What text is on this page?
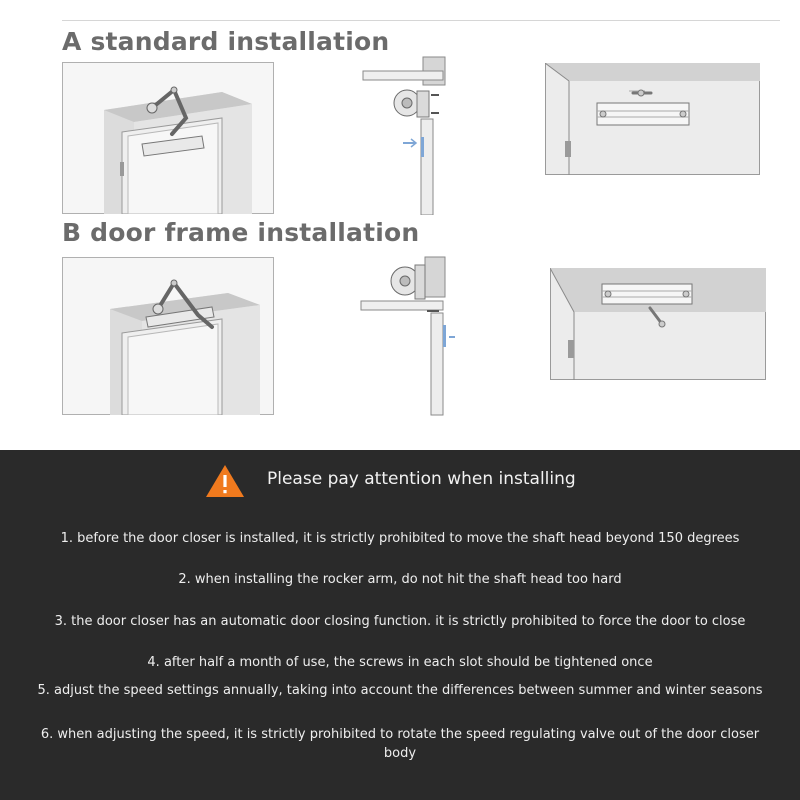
A standard installation
B door frame installation
Please pay attention when installing
1. before the door closer is installed, it is strictly prohibited to move the shaft head beyond 150 degrees
2. when installing the rocker arm, do not hit the shaft head too hard
3. the door closer has an automatic door closing function. it is strictly prohibited to force the door to close
4. after half a month of use, the screws in each slot should be tightened once
5. adjust the speed settings annually, taking into account the differences between summer and winter seasons
6. when adjusting the speed, it is strictly prohibited to rotate the speed regulating valve out of the door closer body
